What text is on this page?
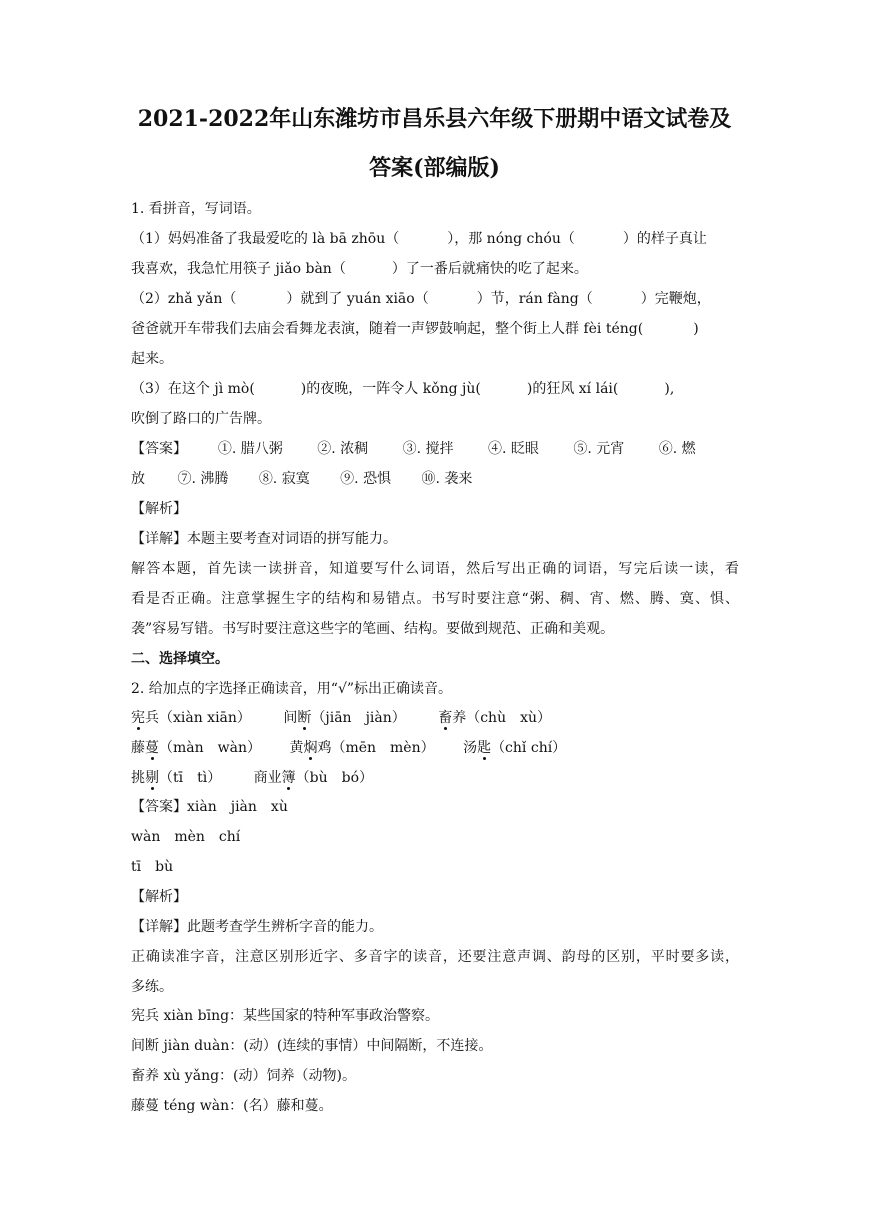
2021-2022年山东潍坊市昌乐县六年级下册期中语文试卷及
答案(部编版)
1. 看拼音，写词语。
（1）妈妈准备了我最爱吃的 là bā zhōu（	），那 nóng chóu（	）的样子真让
我喜欢，我急忙用筷子 jiǎo bàn（	）了一番后就痛快的吃了起来。
（2）zhǎ yǎn（	）就到了 yuán xiāo（	）节，rán fàng（	）完鞭炮，
爸爸就开车带我们去庙会看舞龙表演，随着一声锣鼓响起，整个街上人群 fèi téng(	)
起来。
（3）在这个 jì mò(	)的夜晚，一阵令人 kǒng jù(	)的狂风 xí lái(	),
吹倒了路口的广告牌。
【答案】 ①. 腊八粥 ②. 浓稠 ③. 搅拌 ④. 眨眼 ⑤. 元宵 ⑥. 燃
放 ⑦. 沸腾 ⑧. 寂寞 ⑨. 恐惧 ⑩. 袭来
【解析】
【详解】本题主要考查对词语的拼写能力。
解答本题，首先读一读拼音，知道要写什么词语，然后写出正确的词语，写完后读一读，看
看是否正确。注意掌握生字的结构和易错点。书写时要注意“粥、稠、宵、燃、腾、寞、惧、
袭”容易写错。书写时要注意这些字的笔画、结构。要做到规范、正确和美观。
二、选择填空。
2. 给加点的字选择正确读音，用“√”标出正确读音。
宪兵（xiàn xiān） 间断（jiān　jiàn） 畜养（chù　xù）
藤蔓（màn　wàn） 黄焖鸡（mēn　mèn） 汤匙（chǐ chí）
挑剔（tī　tì） 商业簿（bù　bó）
【答案】xiàn　jiàn　xù
wàn　mèn　chí
tī　bù
【解析】
【详解】此题考查学生辨析字音的能力。
正确读准字音，注意区别形近字、多音字的读音，还要注意声调、韵母的区别，平时要多读，
多练。
宪兵 xiàn bīng：某些国家的特种军事政治警察。
间断 jiàn duàn：(动）(连续的事情）中间隔断，不连接。
畜养 xù yǎng：(动）饲养（动物)。
藤蔓 téng wàn：(名）藤和蔓。
